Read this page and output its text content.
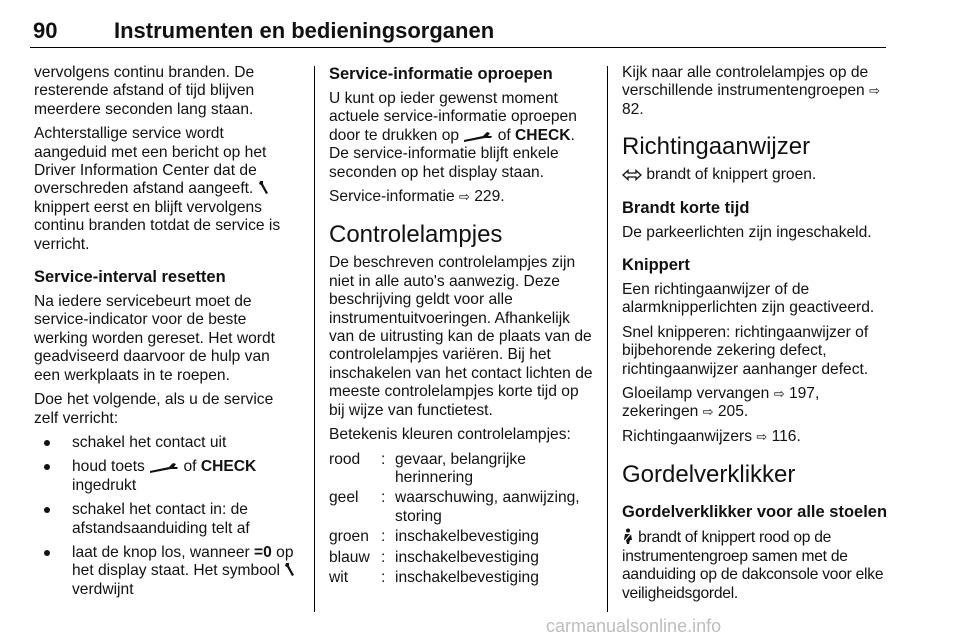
90	Instrumenten en bedieningsorganen

vervolgens continu branden. De resterende afstand of tijd blijven meerdere seconden lang staan.

Achterstallige service wordt aangeduid met een bericht op het Driver Information Center dat de overschreden afstand aangeeft.  knippert eerst en blijft vervolgens continu branden totdat de service is verricht.

Service-interval resetten

Na iedere servicebeurt moet de service-indicator voor de beste werking worden gereset. Het wordt geadviseerd daarvoor de hulp van een werkplaats in te roepen.

Doe het volgende, als u de service zelf verricht:

schakel het contact uit
houd toets  of CHECK ingedrukt
schakel het contact in: de afstandsaanduiding telt af
laat de knop los, wanneer =0 op het display staat. Het symbool  verdwijnt
Service-informatie oproepen

U kunt op ieder gewenst moment actuele service-informatie oproepen door te drukken op  of CHECK. De service-informatie blijft enkele seconden op het display staan.

Service-informatie ⇨ 229.

Controlelampjes

De beschreven controlelampjes zijn niet in alle auto's aanwezig. Deze beschrijving geldt voor alle instrumentuitvoeringen. Afhankelijk van de uitrusting kan de plaats van de controlelampjes variëren. Bij het inschakelen van het contact lichten de meeste controlelampjes korte tijd op bij wijze van functietest.

Betekenis kleuren controlelampjes:

rood	:	gevaar, belangrijke herinnering
geel	:	waarschuwing, aanwijzing, storing
groen	:	inschakelbevestiging
blauw	:	inschakelbevestiging
wit	:	inschakelbevestiging

Kijk naar alle controlelampjes op de verschillende instrumentengroepen ⇨ 82.

Richtingaanwijzer

brandt of knippert groen.

Brandt korte tijd

De parkeerlichten zijn ingeschakeld.

Knippert

Een richtingaanwijzer of de alarmknipperlichten zijn geactiveerd.

Snel knipperen: richtingaanwijzer of bijbehorende zekering defect, richtingaanwijzer aanhanger defect.

Gloeilamp vervangen ⇨ 197, zekeringen ⇨ 205.

Richtingaanwijzers ⇨ 116.

Gordelverklikker
Gordelverklikker voor alle stoelen

brandt of knippert rood op de instrumentengroep samen met de aanduiding op de dakconsole voor elke veiligheidsgordel.

carmanualsonline.info
